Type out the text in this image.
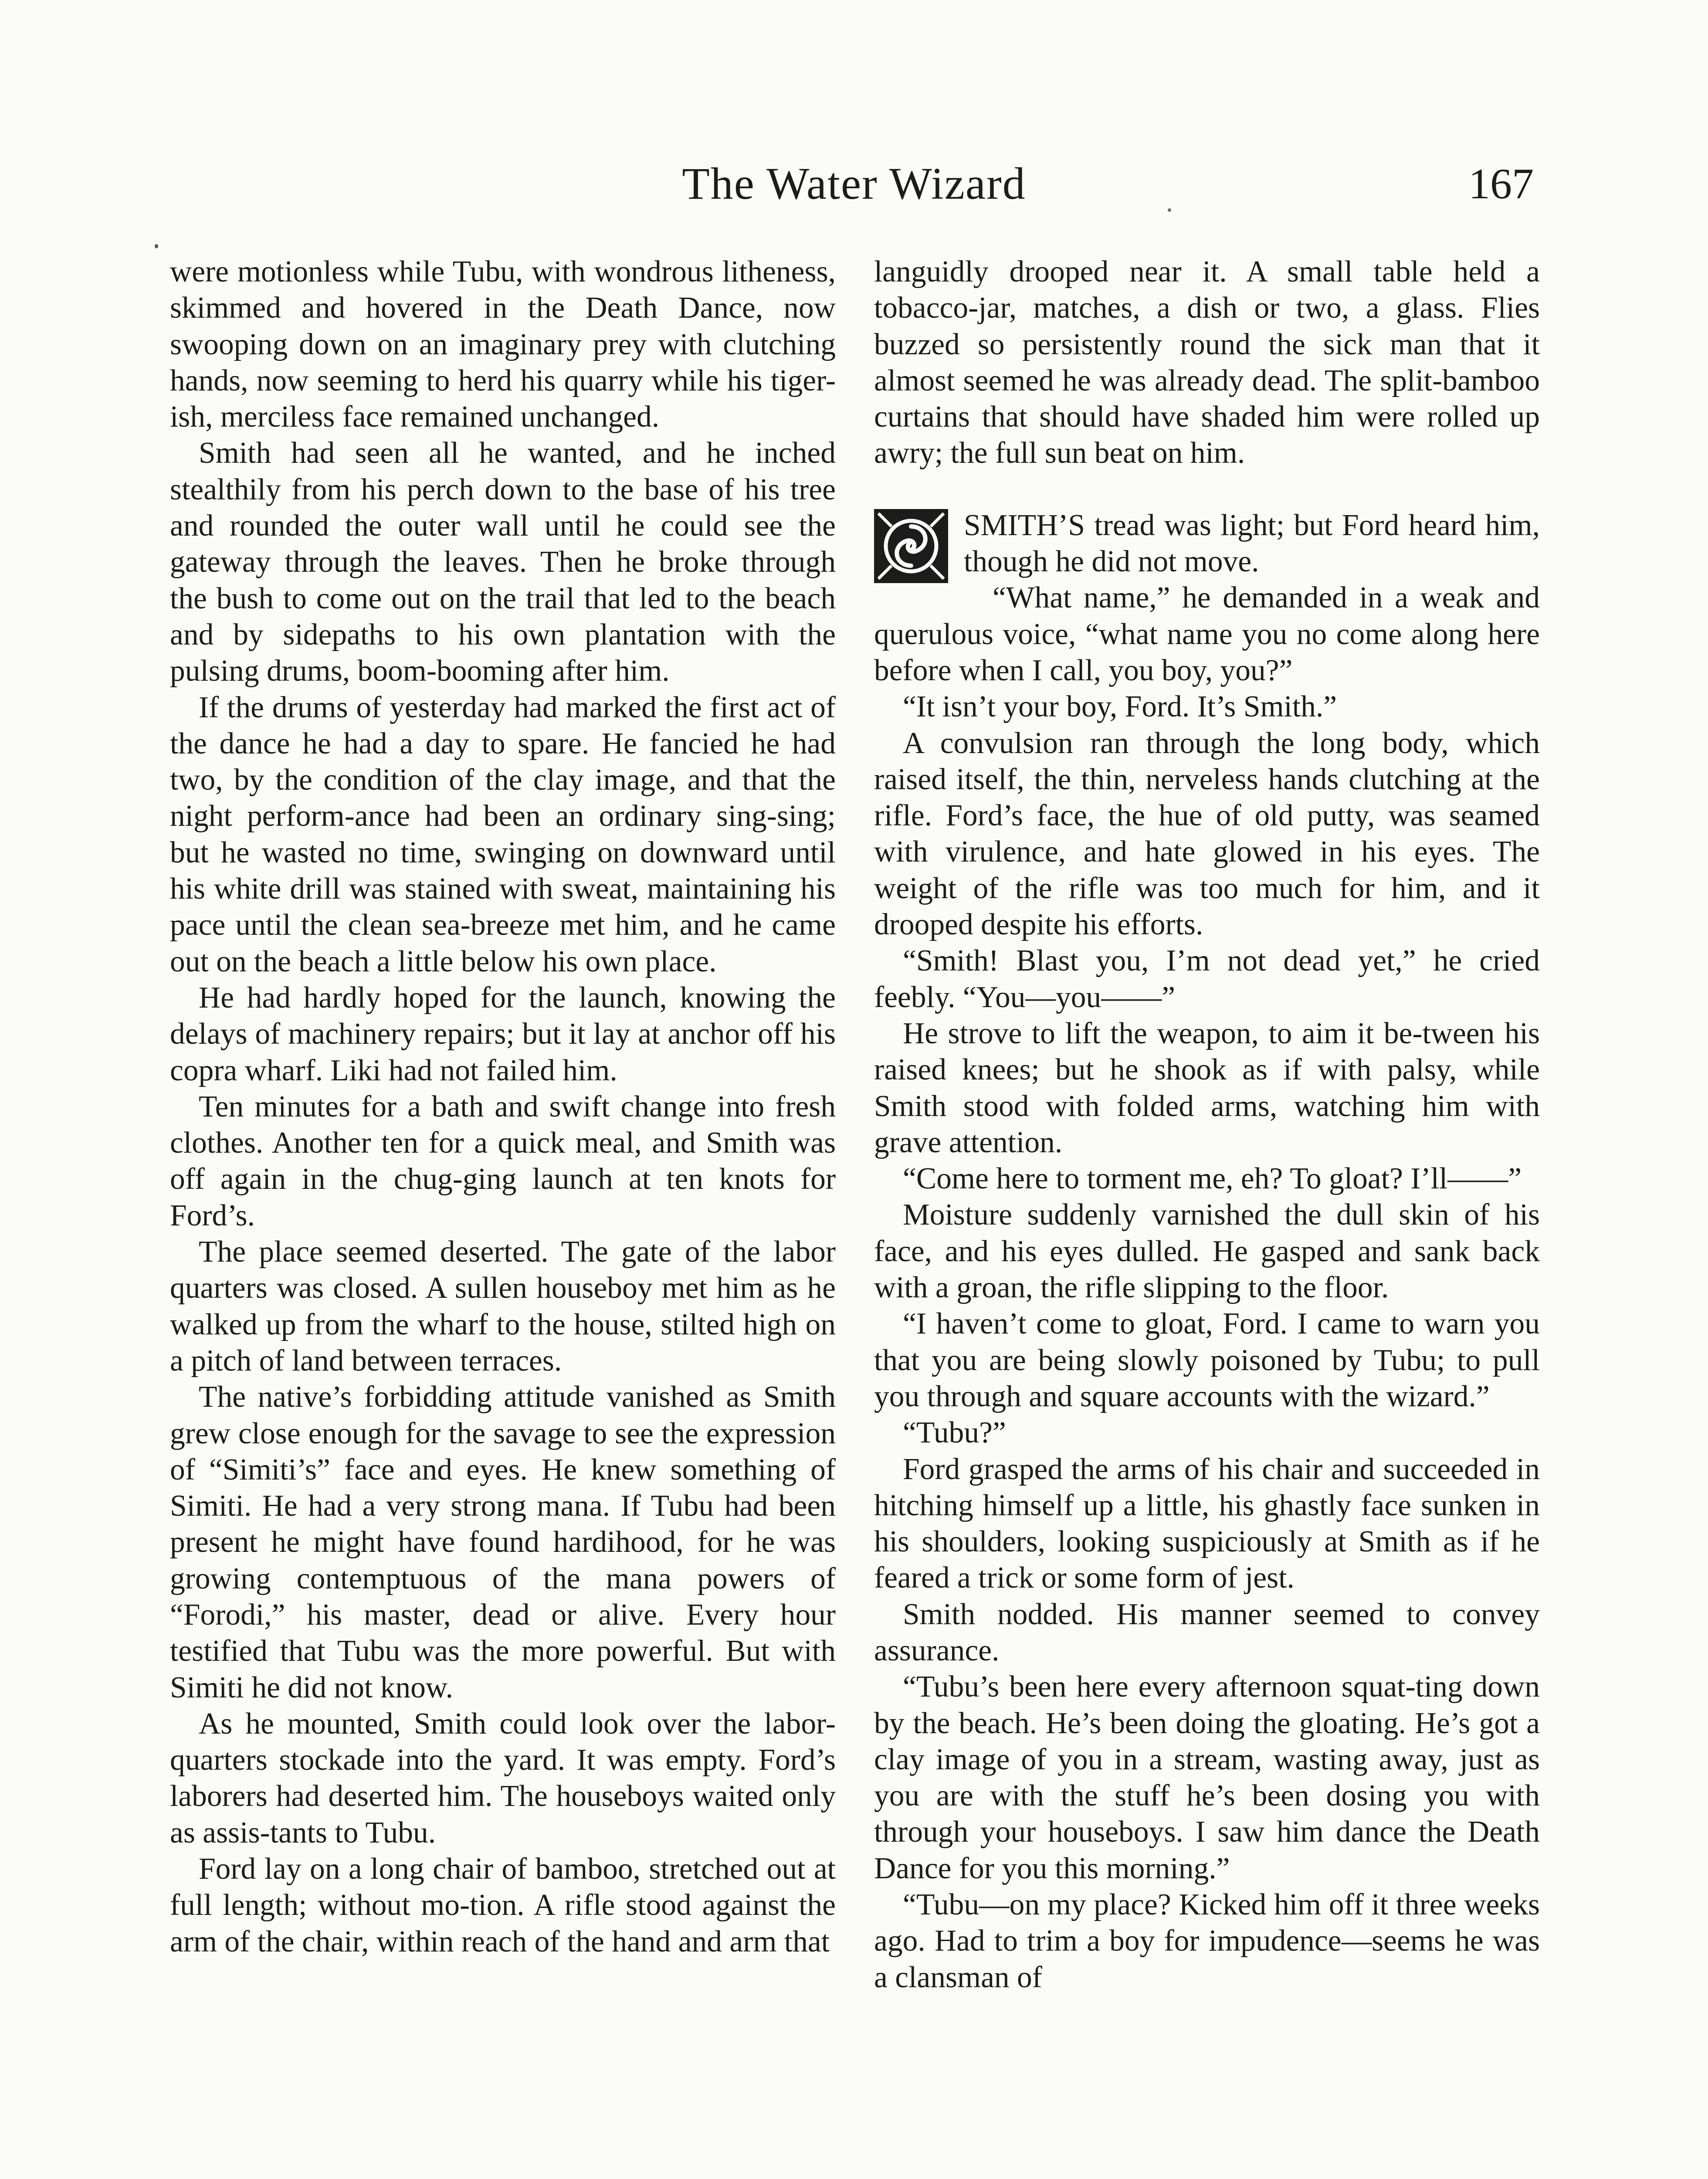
The Water Wizard	167

were motionless while Tubu, with wondrous litheness, skimmed and hovered in the Death Dance, now swooping down on an imaginary prey with clutching hands, now seeming to herd his quarry while his tiger-ish, merciless face remained unchanged.

Smith had seen all he wanted, and he inched stealthily from his perch down to the base of his tree and rounded the outer wall until he could see the gateway through the leaves. Then he broke through the bush to come out on the trail that led to the beach and by sidepaths to his own plantation with the pulsing drums, boom-booming after him.

If the drums of yesterday had marked the first act of the dance he had a day to spare. He fancied he had two, by the condition of the clay image, and that the night perform-ance had been an ordinary sing-sing; but he wasted no time, swinging on downward until his white drill was stained with sweat, maintaining his pace until the clean sea-breeze met him, and he came out on the beach a little below his own place.

He had hardly hoped for the launch, knowing the delays of machinery repairs; but it lay at anchor off his copra wharf. Liki had not failed him.

Ten minutes for a bath and swift change into fresh clothes. Another ten for a quick meal, and Smith was off again in the chug-ging launch at ten knots for Ford’s.

The place seemed deserted. The gate of the labor quarters was closed. A sullen houseboy met him as he walked up from the wharf to the house, stilted high on a pitch of land between terraces.

The native’s forbidding attitude vanished as Smith grew close enough for the savage to see the expression of “Simiti’s” face and eyes. He knew something of Simiti. He had a very strong mana. If Tubu had been present he might have found hardihood, for he was growing contemptuous of the mana powers of “Forodi,” his master, dead or alive. Every hour testified that Tubu was the more powerful. But with Simiti he did not know.

As he mounted, Smith could look over the labor-quarters stockade into the yard. It was empty. Ford’s laborers had deserted him. The houseboys waited only as assis-tants to Tubu.

Ford lay on a long chair of bamboo, stretched out at full length; without mo-tion. A rifle stood against the arm of the chair, within reach of the hand and arm that

languidly drooped near it. A small table held a tobacco-jar, matches, a dish or two, a glass. Flies buzzed so persistently round the sick man that it almost seemed he was already dead. The split-bamboo curtains that should have shaded him were rolled up awry; the full sun beat on him.

SMITH’S tread was light; but Ford heard him, though he did not move.

“What name,” he demanded in a weak and querulous voice, “what name you no come along here before when I call, you boy, you?”

“It isn’t your boy, Ford. It’s Smith.”

A convulsion ran through the long body, which raised itself, the thin, nerveless hands clutching at the rifle. Ford’s face, the hue of old putty, was seamed with virulence, and hate glowed in his eyes. The weight of the rifle was too much for him, and it drooped despite his efforts.

“Smith! Blast you, I’m not dead yet,” he cried feebly. “You—you——”

He strove to lift the weapon, to aim it be-tween his raised knees; but he shook as if with palsy, while Smith stood with folded arms, watching him with grave attention.

“Come here to torment me, eh? To gloat? I’ll——”

Moisture suddenly varnished the dull skin of his face, and his eyes dulled. He gasped and sank back with a groan, the rifle slipping to the floor.

“I haven’t come to gloat, Ford. I came to warn you that you are being slowly poisoned by Tubu; to pull you through and square accounts with the wizard.”

“Tubu?”

Ford grasped the arms of his chair and succeeded in hitching himself up a little, his ghastly face sunken in his shoulders, looking suspiciously at Smith as if he feared a trick or some form of jest.

Smith nodded. His manner seemed to convey assurance.

“Tubu’s been here every afternoon squat-ting down by the beach. He’s been doing the gloating. He’s got a clay image of you in a stream, wasting away, just as you are with the stuff he’s been dosing you with through your houseboys. I saw him dance the Death Dance for you this morning.”

“Tubu—on my place? Kicked him off it three weeks ago. Had to trim a boy for impudence—seems he was a clansman of
